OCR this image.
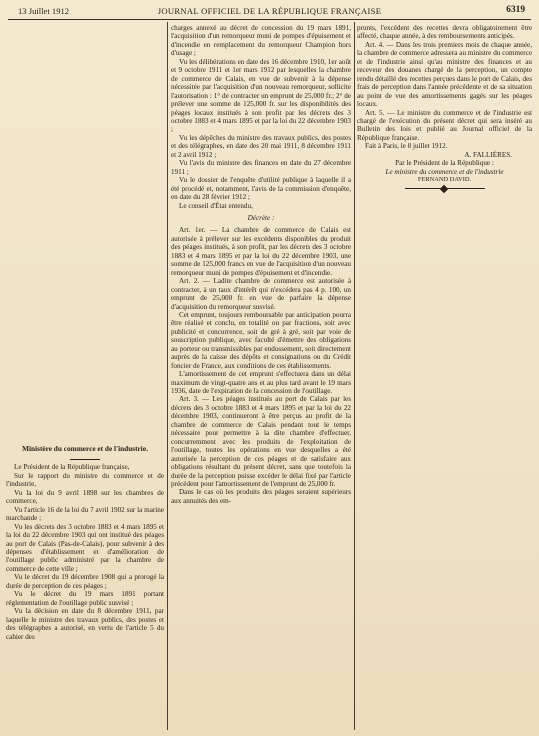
13 Juillet 1912	JOURNAL OFFICIEL DE LA RÉPUBLIQUE FRANÇAISE	6319
Ministère du commerce et de l'industrie.

Le Président de la République française,

Sur le rapport du ministre du commerce et de l'industrie,

Vu la loi du 9 avril 1898 sur les chambres de commerce,

Vu l'article 16 de la loi du 7 avril 1902 sur la marine marchande ;

Vu les décrets des 3 octobre 1883 et 4 mars 1895 et la loi du 22 décembre 1903 qui ont institué des péages au port de Calais (Pas-de-Calais), pour subvenir à des dépenses d'établissement et d'amélioration de l'outillage public administré par la chambre de commerce de cette ville ;

Vu le décret du 19 décembre 1908 qui a prorogé la durée de perception de ces péages ;

Vu le décret du 19 mars 1891 portant réglementation de l'outillage public susvisé ;

Vu la décision en date du 8 décembre 1911, par laquelle le ministre des travaux publics, des postes et des télégraphes a autorisé, en vertu de l'article 5 du cahier des

charges annexé au décret de concession du 19 mars 1891, l'acquisition d'un remorqueur muni de pompes d'épuisement et d'incendie en remplacement du remorqueur Champion hors d'usage ;

Vu les délibérations en date des 16 décembre 1910, 1er août et 9 octobre 1911 et 1er mars 1912 par lesquelles la chambre de commerce de Calais, en vue de subvenir à la dépense nécessitée par l'acquisition d'un nouveau remorqueur, sollicite l'autorisation : 1° de contracter un emprunt de 25,000 fr.; 2° de prélever une somme de 125,000 fr. sur les disponibilités des péages locaux institués à son profit par les décrets des 3 octobre 1883 et 4 mars 1895 et par la loi du 22 décembre 1903 ;

Vu les dépêches du ministre des travaux publics, des postes et des télégraphes, en date des 20 mai 1911, 8 décembre 1911 et 2 avril 1912 ;

Vu l'avis du ministre des finances en date du 27 décembre 1911 ;

Vu le dossier de l'enquête d'utilité publique à laquelle il a été procédé et, notamment, l'avis de la commission d'enquête, en date du 28 février 1912 ;

Le conseil d'État entendu,

Décrète :

Art. 1er. — La chambre de commerce de Calais est autorisée à prélever sur les excédents disponibles du produit des péages institués, à son profit, par les décrets des 3 octobre 1883 et 4 mars 1895 et par la loi du 22 décembre 1903, une somme de 125,000 francs en vue de l'acquisition d'un nouveau remorqueur muni de pompes d'épuisement et d'incendie.

Art. 2. — Ladite chambre de commerce est autorisée à contracter, à un taux d'intérêt qui n'excédera pas 4 p. 100, un emprunt de 25,000 fr. en vue de parfaire la dépense d'acquisition du remorqueur susvisé.

Cet emprunt, toujours remboursable par anticipation pourra être réalisé et conclu, en totalité ou par fractions, soit avec publicité et concurrence, soit de gré à gré, soit par voie de souscription publique, avec faculté d'émettre des obligations au porteur ou transmissibles par endossement, soit directement auprès de la caisse des dépôts et consignations ou du Crédit foncier de France, aux conditions de ces établissements.

L'amortissement de cet emprunt s'effectuera dans un délai maximum de vingt-quatre ans et au plus tard avant le 19 mars 1936, date de l'expiration de la concession de l'outillage.

Art. 3. — Les péages institués au port de Calais par les décrets des 3 octobre 1883 et 4 mars 1895 et par la loi du 22 décembre 1903, continueront à être perçus au profit de la chambre de commerce de Calais pendant tout le temps nécessaire pour permettre à la dite chambre d'effectuer, concurremment avec les produits de l'exploitation de l'outillage, toutes les opérations en vue desquelles a été autorisée la perception de ces péages et de satisfaire aux obligations résultant du présent décret, sans que toutefois la durée de la perception puisse excéder le délai fixé par l'article précédent pour l'amortissement de l'emprunt de 25,000 fr.

Dans le cas où les produits des péages seraient supérieurs aux annuités des em-

prunts, l'excédent des recettes devra obligatoirement être affecté, chaque année, à des remboursements anticipés.

Art. 4. — Dans les trois premiers mois de chaque année, la chambre de commerce adressera au ministre du commerce et de l'industrie ainsi qu'au ministre des finances et au receveur des douanes chargé de la perception, un compte rendu détaillé des recettes perçues dans le port de Calais, des frais de perception dans l'année précédente et de sa situation au point de vue des amortissements gagés sur les péages locaux.

Art. 5. — Le ministre du commerce et de l'industrie est chargé de l'exécution du présent décret qui sera inséré au Bulletin des lois et publié au Journal officiel de la République française.

Fait à Paris, le 8 juillet 1912.

A. FALLIÈRES.

Par le Président de la République :

Le ministre du commerce et de l'industrie

FERNAND DAVID.
